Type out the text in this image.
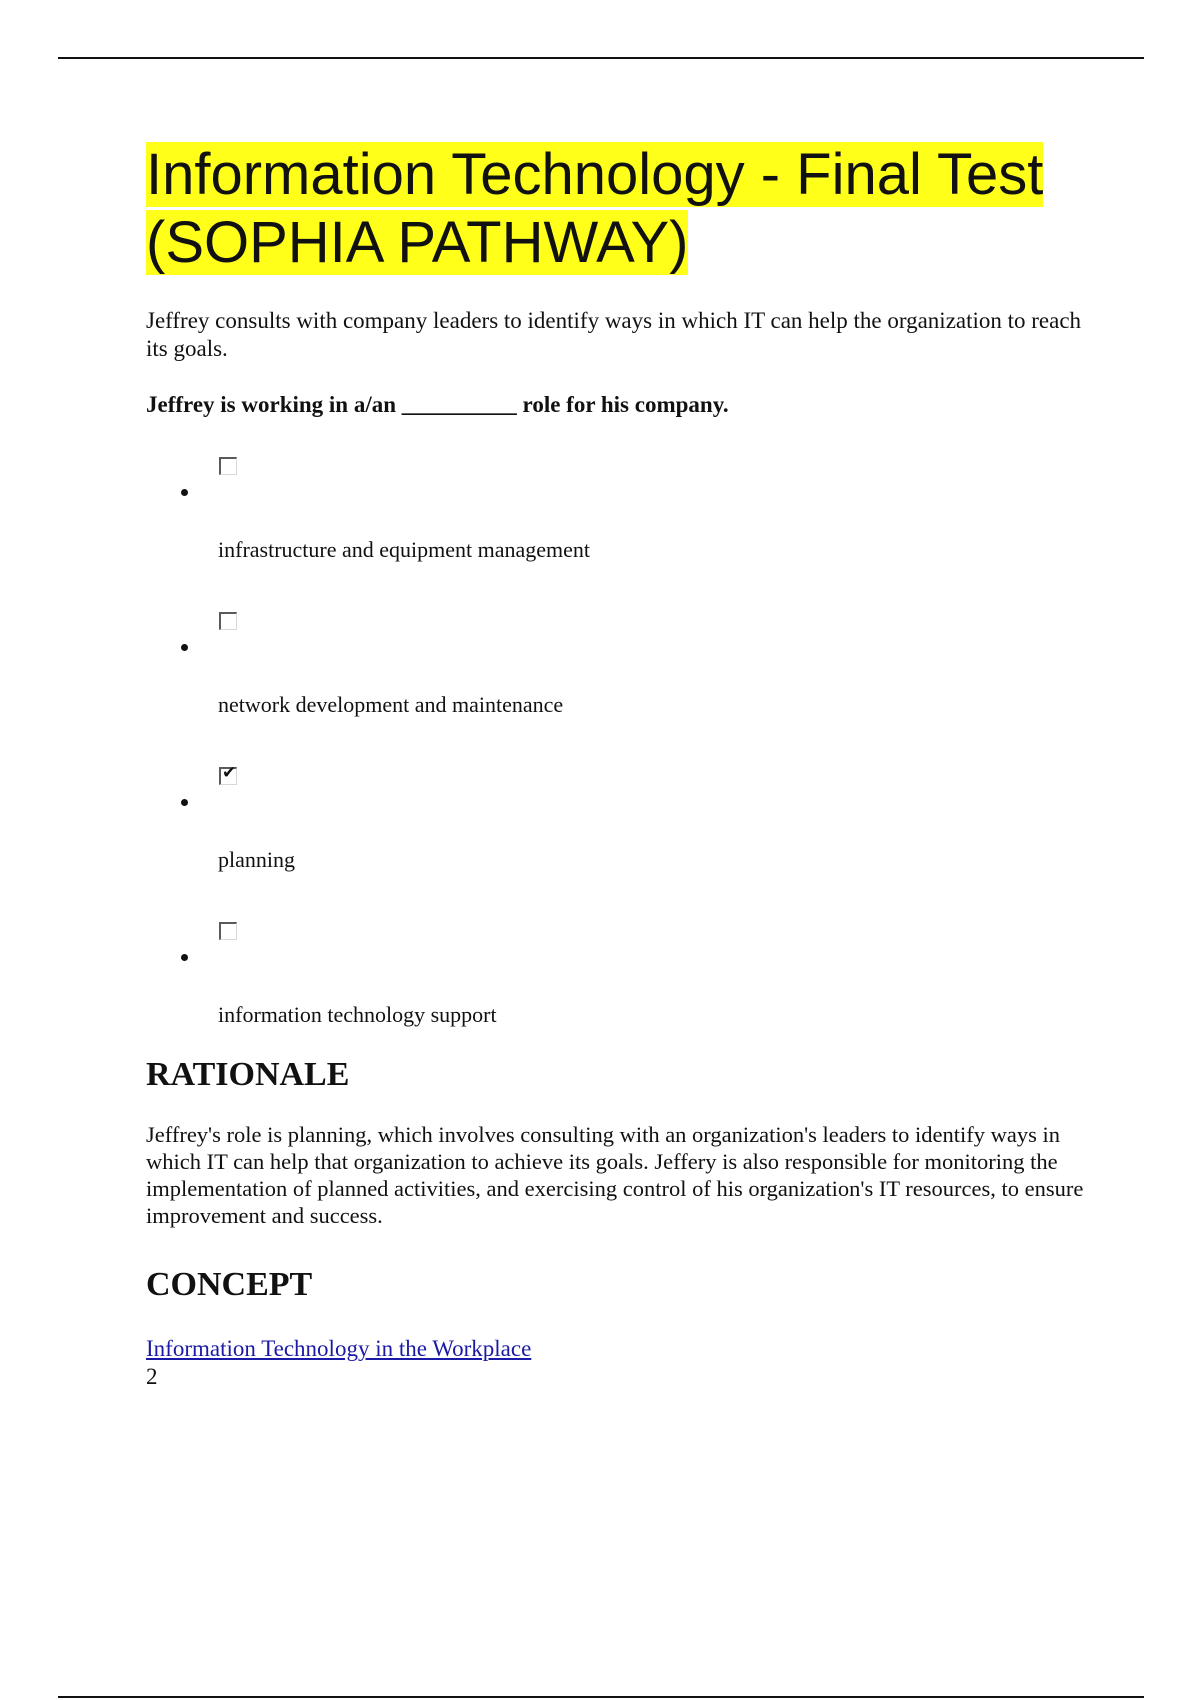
Information Technology - Final Test
(SOPHIA PATHWAY)

Jeffrey consults with company leaders to identify ways in which IT can help the organization to reach its goals.

Jeffrey is working in a/an __________ role for his company.

infrastructure and equipment management
network development and maintenance
✔
planning
information technology support
RATIONALE

Jeffrey's role is planning, which involves consulting with an organization's leaders to identify ways in which IT can help that organization to achieve its goals. Jeffery is also responsible for monitoring the implementation of planned activities, and exercising control of his organization's IT resources, to ensure improvement and success.

CONCEPT
Information Technology in the Workplace
2
